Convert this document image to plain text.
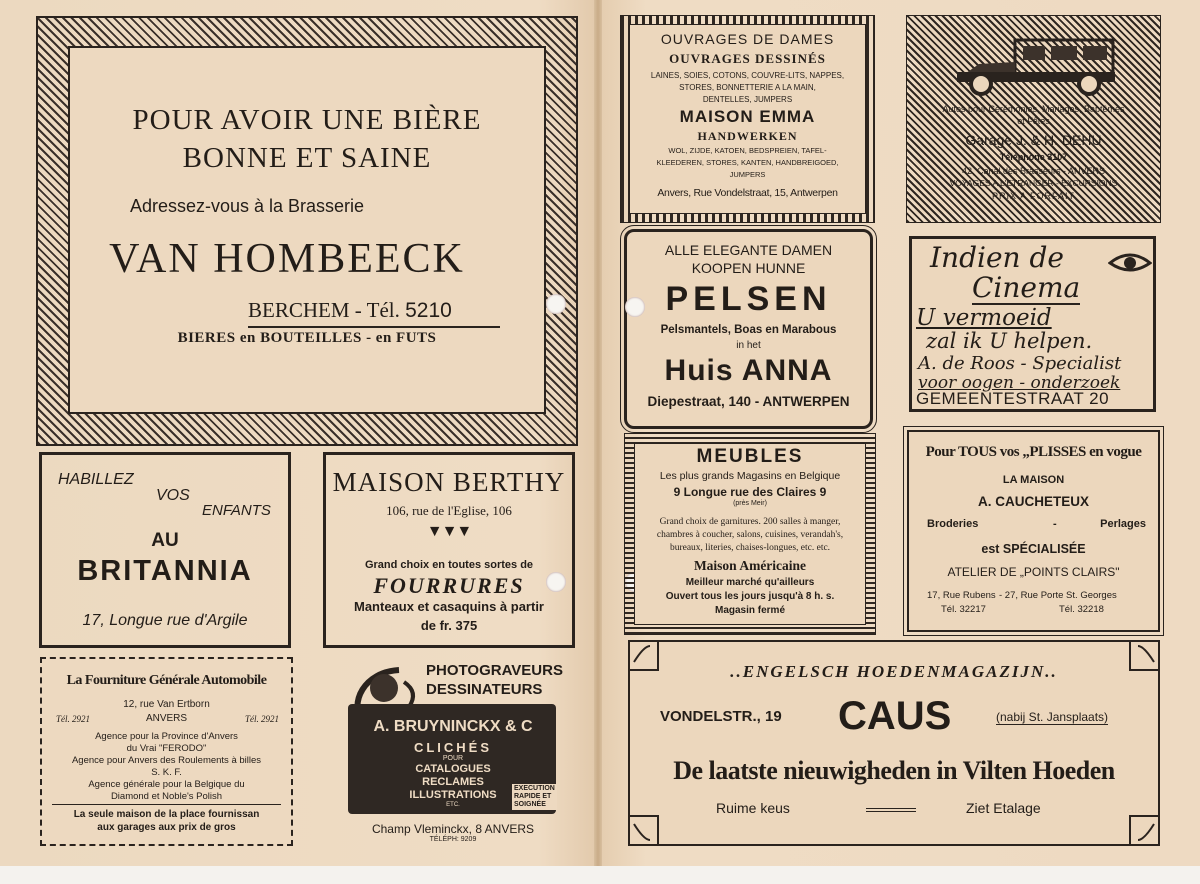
POUR AVOIR UNE BIÈRE
BONNE ET SAINE
Adressez-vous à la Brasserie
VAN HOMBEECK
BERCHEM - Tél. 5210
BIERES en BOUTEILLES - en FUTS
HABILLEZ
VOS
ENFANTS
AU
BRITANNIA
17, Longue rue d'Argile
MAISON BERTHY
106, rue de l'Eglise, 106
▼▼▼
Grand choix en toutes sortes de
FOURRURES
Manteaux et casaquins à partir
de fr. 375
La Fourniture Générale Automobile
12, rue Van Ertborn
Tél. 2921	ANVERS	Tél. 2921
Agence pour la Province d'Anvers
du Vrai "FERODO"
Agence pour Anvers des Roulements à billes
S. K. F.
Agence générale pour la Belgique du
Diamond et Noble's Polish
La seule maison de la place fournissan
aux garages aux prix de gros
PHOTOGRAVEURS
DESSINATEURS
A. BRUYNINCKX & C
CLICHÉS
POUR
CATALOGUES
RECLAMES
ILLUSTRATIONS
ETC.
EXECUTION
RAPIDE ET
SOIGNÉE
Champ Vleminckx, 8 ANVERS
TÉLÉPH: 9209
OUVRAGES DE DAMES
OUVRAGES DESSINÉS
LAINES, SOIES, COTONS, COUVRE-LITS, NAPPES,
STORES, BONNETTERIE A LA MAIN,
DENTELLES, JUMPERS
MAISON EMMA
HANDWERKEN
WOL, ZIJDE, KATOEN, BEDSPREIEN, TAFEL-
KLEEDEREN, STORES, KANTEN, HANDBREIGOED,
JUMPERS
Anvers, Rue Vondelstraat, 15, Antwerpen
Autos pour Cérémonies, Mariages, Baptêmes
et Fêtes
Garage J. & H. DEHU
Téléphone 3107
42, Canal des Brasseurs - ANVERS
VOYAGES A L'ETRANGER - EXCURSIONS
PRIX A FORFAIT
ALLE ELEGANTE DAMEN
KOOPEN HUNNE
PELSEN
Pelsmantels, Boas en Marabous
in het
Huis ANNA
Diepestraat, 140 - ANTWERPEN
Indien de
Cinema
U vermoeid
zal ik U helpen.
A. de Roos - Specialist
voor oogen - onderzoek
GEMEENTESTRAAT 20
MEUBLES
Les plus grands Magasins en Belgique
9 Longue rue des Claires 9
(près Meir)
Grand choix de garnitures. 200 salles à manger,
chambres à coucher, salons, cuisines, verandah's,
bureaux, literies, chaises-longues, etc. etc.
Maison Américaine
Meilleur marché qu'ailleurs
Ouvert tous les jours jusqu'à 8 h. s.
Magasin fermé
Pour TOUS vos „PLISSES en vogue
LA MAISON
A. CAUCHETEUX
Broderies	-	Perlages
est SPÉCIALISÉE
ATELIER DE „POINTS CLAIRS"
17, Rue Rubens - 27, Rue Porte St. Georges
Tél. 32217	Tél. 32218
..ENGELSCH HOEDENMAGAZIJN..
VONDELSTR., 19 CAUS	(nabij St. Jansplaats)
De laatste nieuwigheden in Vilten Hoeden
Ruime keus	Ziet Etalage
